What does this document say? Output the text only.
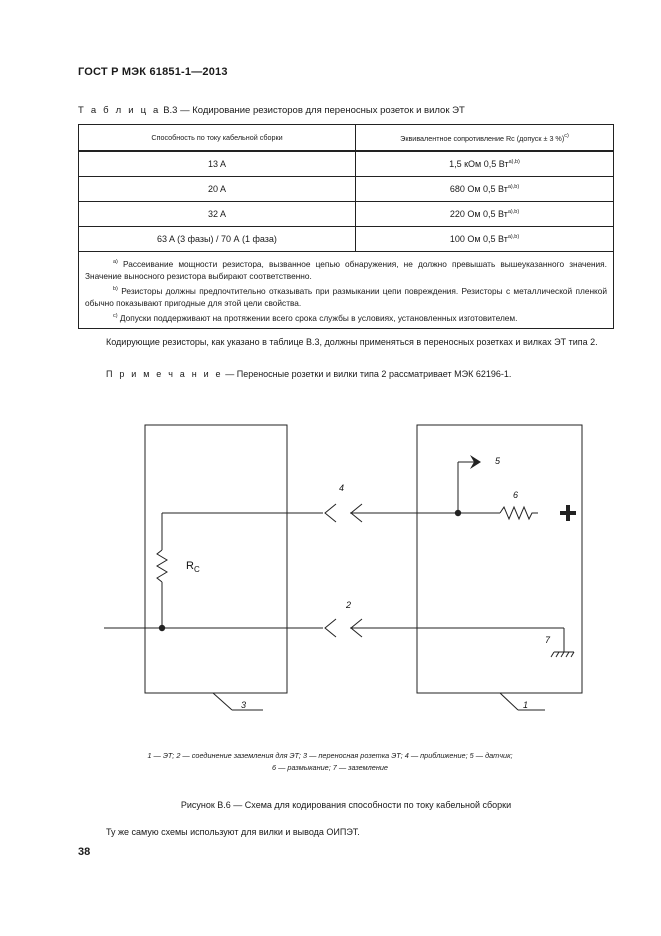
ГОСТ Р МЭК 61851-1—2013
Т а б л и ц а В.3 — Кодирование резисторов для переносных розеток и вилок ЭТ
Способность по току кабельной сборки	Эквивалентное сопротивление Rc (допуск ± 3 %)$^{c)}$
13 A	1,5 кОм 0,5 Вт$^{a),b)}$
20 A	680 Ом 0,5 Вт$^{a),b)}$
32 A	220 Ом 0,5 Вт$^{a),b)}$
63 A (3 фазы) / 70 А (1 фаза)	100 Ом 0,5 Вт$^{a),b)}$

$^{a)}$ Рассеивание мощности резистора, вызванное цепью обнаружения, не должно превышать вышеуказанного значения. Значение выносного резистора выбирают соответственно.

$^{b)}$ Резисторы должны предпочтительно отказывать при размыкании цепи повреждения. Резисторы с металлической пленкой обычно показывают пригодные для этой цели свойства.

$^{c)}$ Допуски поддерживают на протяжении всего срока службы в условиях, установленных изготовителем.	

Кодирующие резисторы, как указано в таблице В.3, должны применяться в переносных розетках и вилках ЭТ типа 2.
П р и м е ч а н и е — Переносные розетки и вилки типа 2 рассматривает МЭК 62196-1.
$R_C$
4
2
5
6
7
3	1
1 — ЭТ; 2 — соединение заземления для ЭТ; 3 — переносная розетка ЭТ; 4 — приближение; 5 — датчик;
6 — размыкание; 7 — заземление
Рисунок В.6 — Схема для кодирования способности по току кабельной сборки
Ту же самую схемы используют для вилки и вывода ОИПЭТ.
38
